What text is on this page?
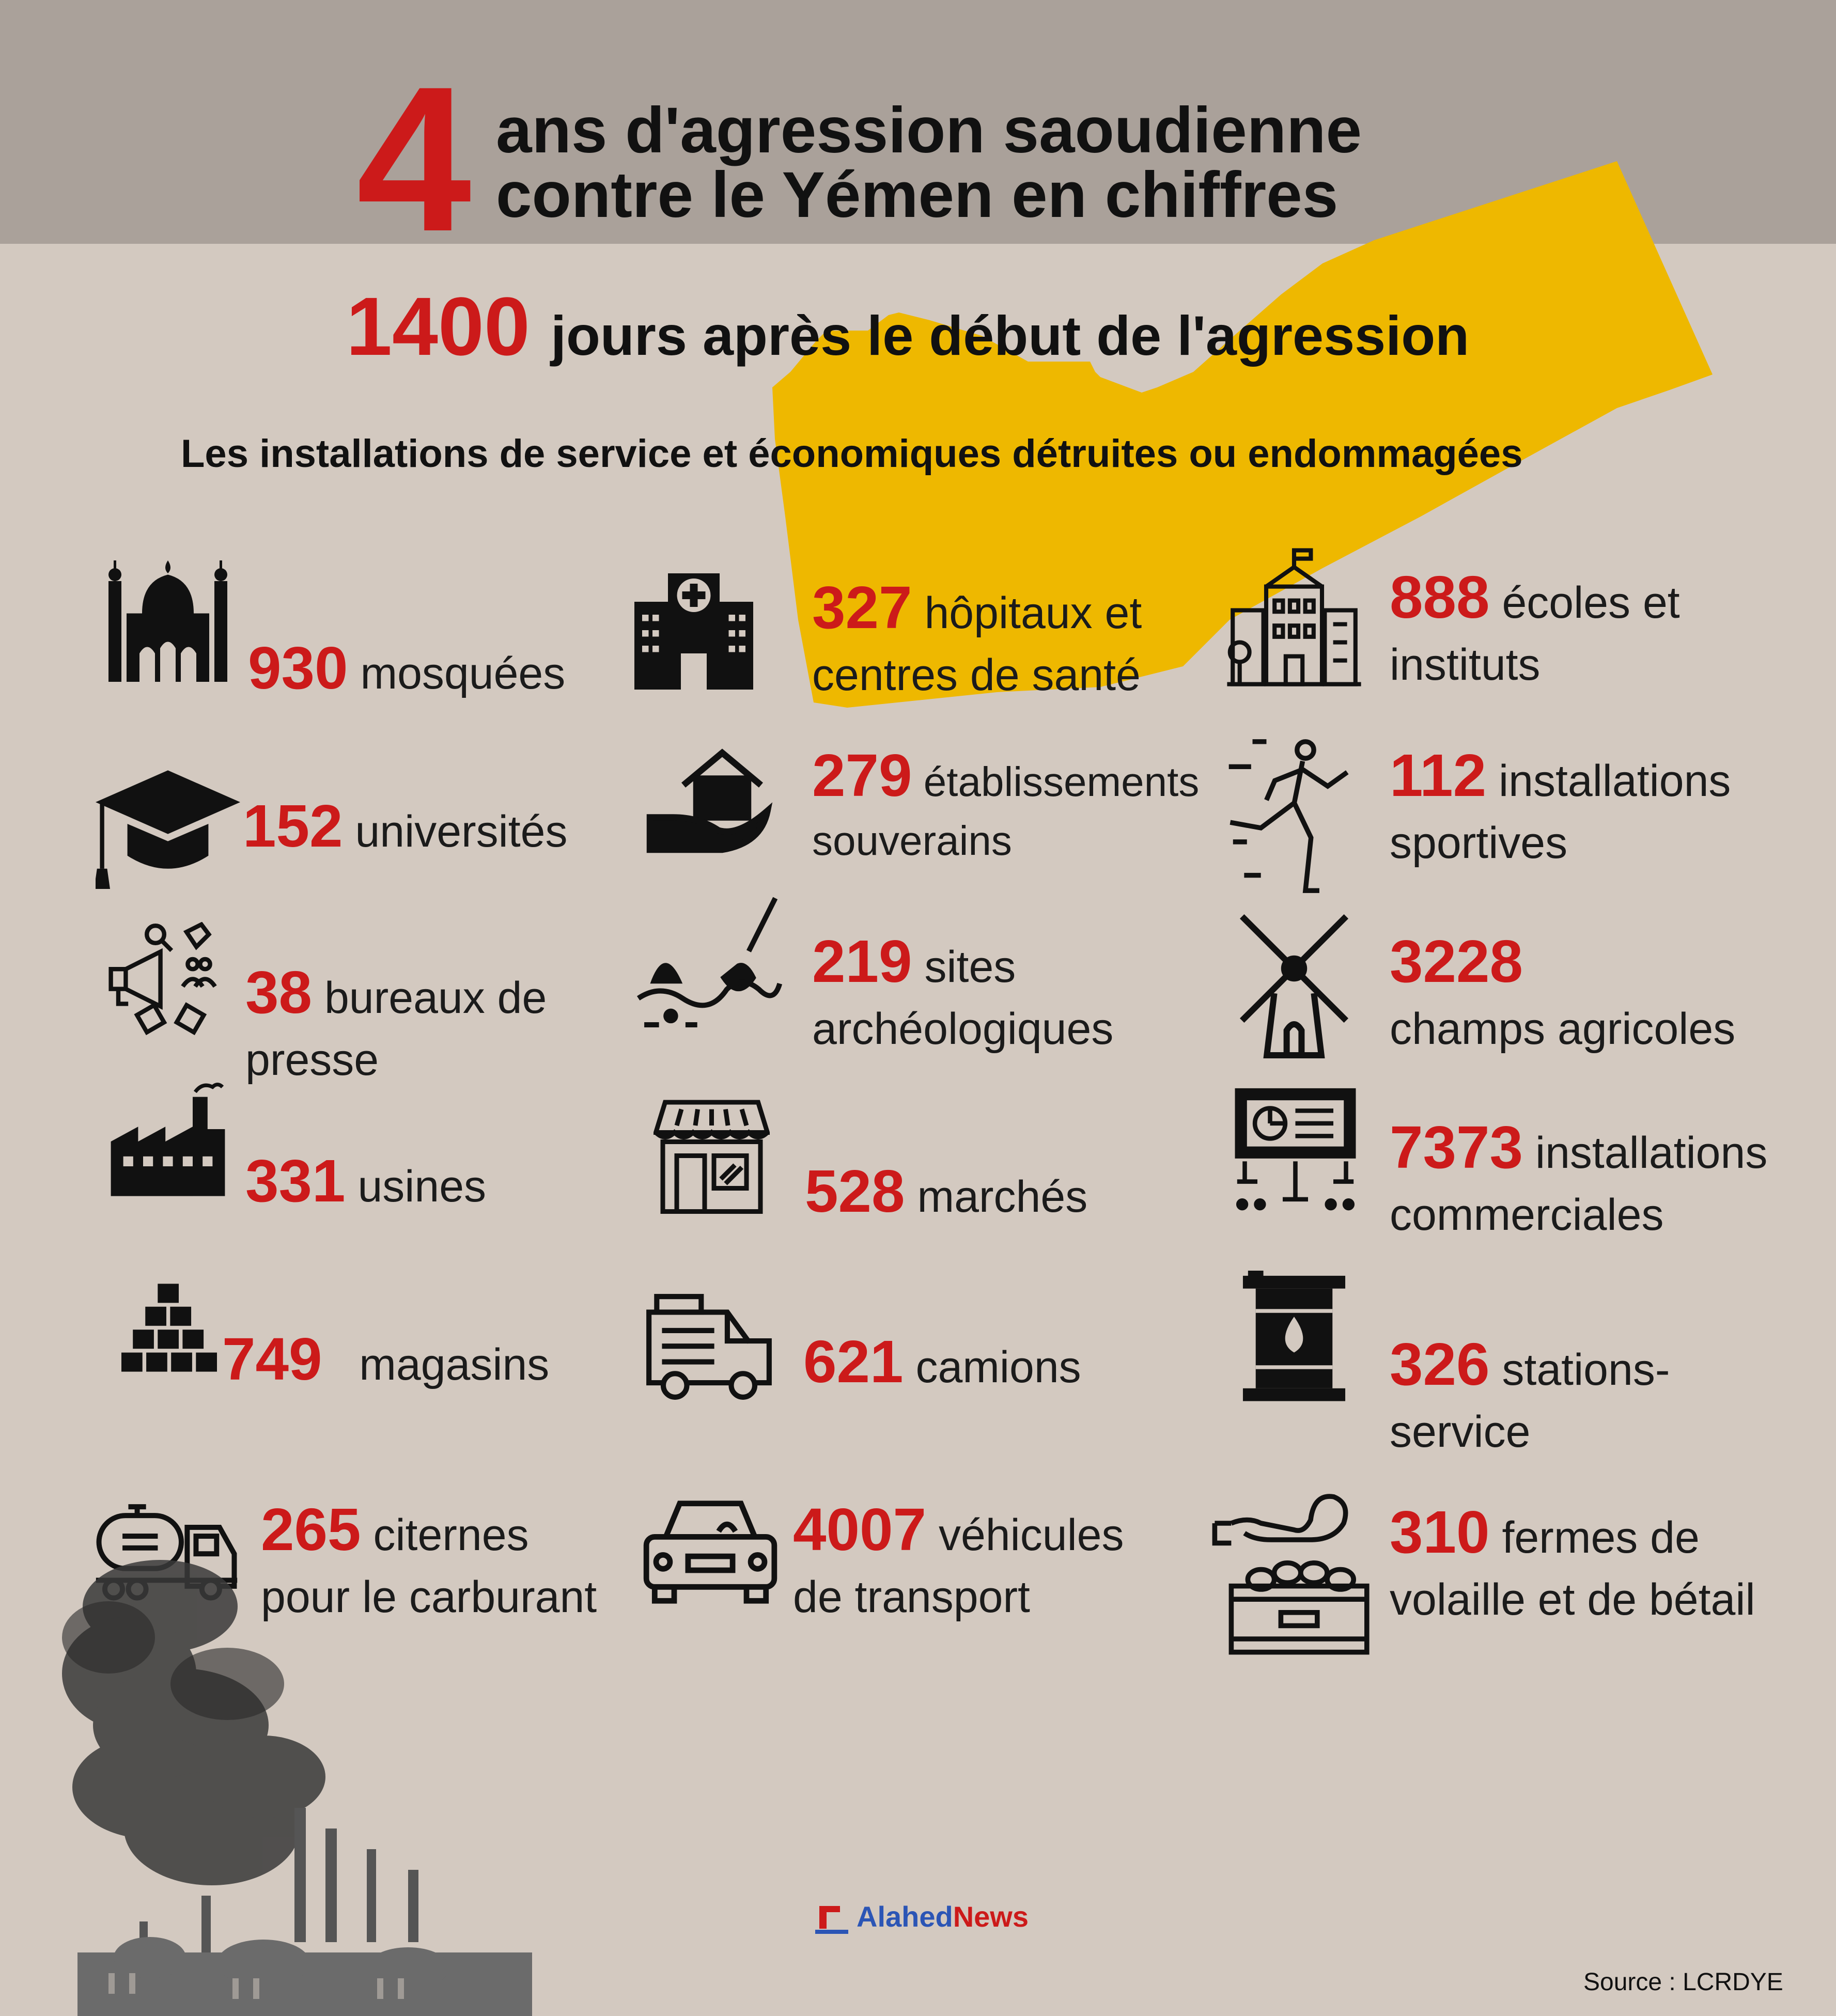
4 ans d'agression saoudienne
contre le Yémen en chiffres
1400 jours après le début de l'agression
Les installations de service et économiques détruites ou endommagées
930 mosquées
327 hôpitaux et
centres de santé
888 écoles et
instituts
152 universités
279 établissements
souverains
112 installations
sportives
38 bureaux de
presse
219 sites
archéologiques
3228
champs agricoles
331 usines	528 marchés
7373 installations
commerciales
749 magasins	621 camions	326 stations-
service
265 citernes
pour le carburant
4007 véhicules
de transport
310 fermes de
volaille et de bétail
AlahedNews
Source : LCRDYE
